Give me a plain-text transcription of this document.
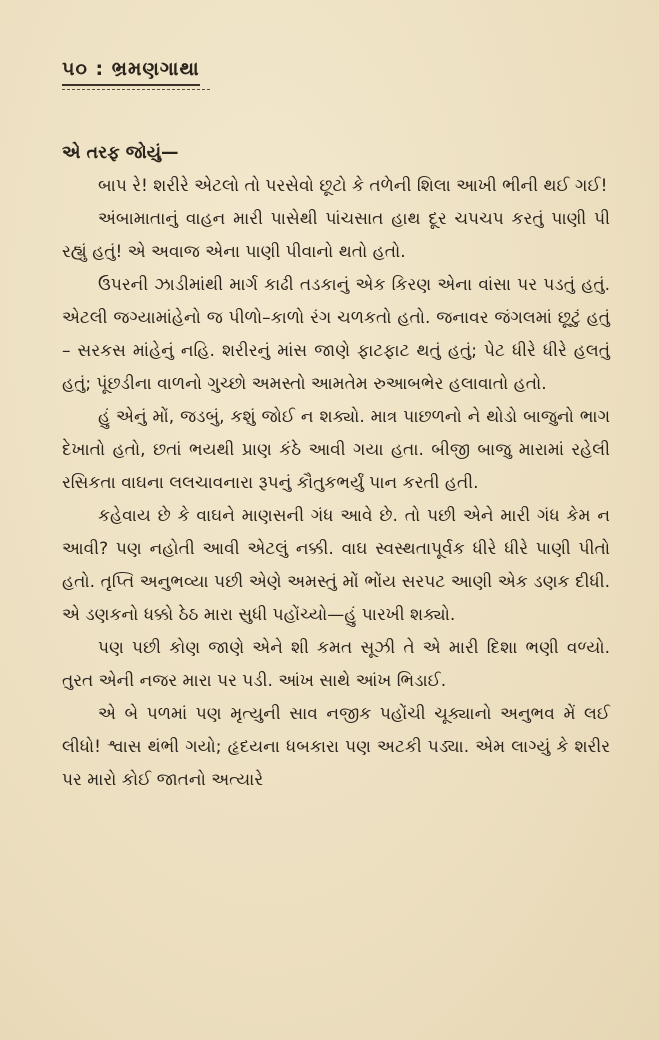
૫૦ : ભ્રમણગાથા
એ તરફ જોયું—

બાપ રે! શરીરે એટલો તો પરસેવો છૂટો કે તળેની શિલા આખી ભીની થઈ ગઈ!

અંબામાતાનું વાહન મારી પાસેથી પાંચસાત હાથ દૂર ચપચપ કરતું પાણી પી રહ્યું હતું! એ અવાજ એના પાણી પીવાનો થતો હતો.

ઉપરની ઝાડીમાંથી માર્ગ કાઢી તડકાનું એક કિરણ એના વાંસા પર પડતું હતું. એટલી જગ્યામાંહેનો જ પીળો–કાળો રંગ ચળકતો હતો. જનાવર જંગલમાં છૂટું હતું – સરકસ માંહેનું નહિ. શરીરનું માંસ જાણે ફાટફાટ થતું હતું; પેટ ધીરે ધીરે હલતું હતું; પૂંછડીના વાળનો ગુચ્છો અમસ્તો આમતેમ રુઆબભેર હલાવાતો હતો.

હું એનું મોં, જડબું, કશું જોઈ ન શક્યો. માત્ર પાછળનો ને થોડો બાજુનો ભાગ દેખાતો હતો, છતાં ભયથી પ્રાણ કંઠે આવી ગયા હતા. બીજી બાજુ મારામાં રહેલી રસિકતા વાઘના લલચાવનારા રૂપનું કૌતુકભર્યું પાન કરતી હતી.

કહેવાય છે કે વાઘને માણસની ગંધ આવે છે. તો પછી એને મારી ગંધ કેમ ન આવી? પણ નહોતી આવી એટલું નક્કી. વાઘ સ્વસ્થતાપૂર્વક ધીરે ધીરે પાણી પીતો હતો. તૃપ્તિ અનુભવ્યા પછી એણે અમસ્તું મોં ભોંય સરપટ આણી એક ડણક દીધી. એ ડણકનો ધક્કો ઠેઠ મારા સુધી પહોંચ્યો—હું પારખી શક્યો.

પણ પછી કોણ જાણે એને શી કમત સૂઝી તે એ મારી દિશા ભણી વળ્યો. તુરત એની નજર મારા પર પડી. આંખ સાથે આંખ ભિડાઈ.

એ બે પળમાં પણ મૃત્યુની સાવ નજીક પહોંચી ચૂક્યાનો અનુભવ મેં લઈ લીધો! શ્વાસ થંભી ગયો; હૃદયના ધબકારા પણ અટકી પડ્યા. એમ લાગ્યું કે શરીર પર મારો કોઈ જાતનો અત્યારે
